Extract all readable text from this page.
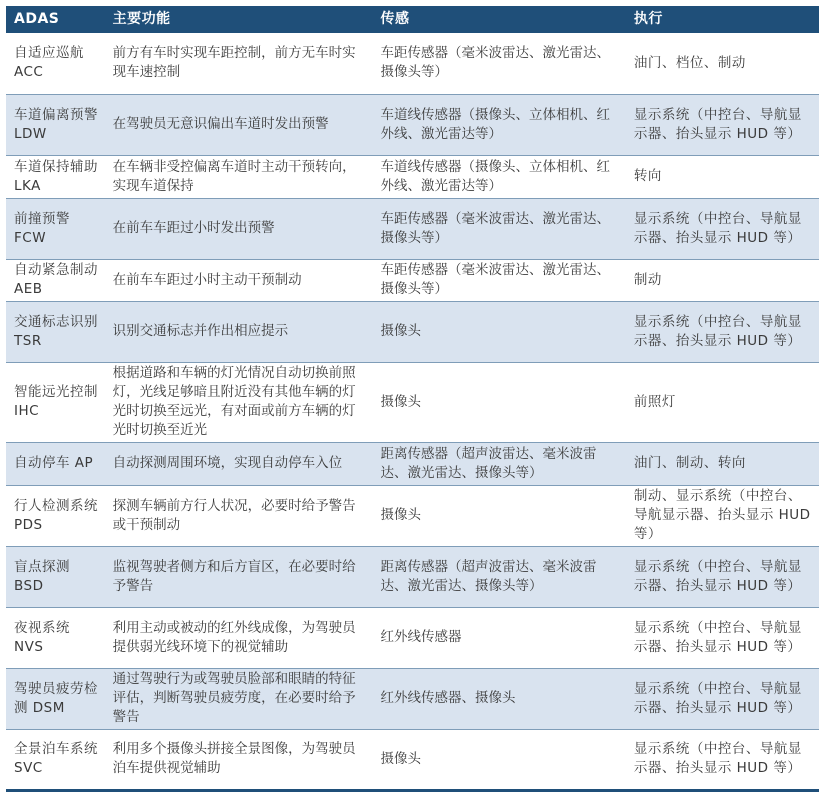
ADAS	主要功能	传感	执行
自适应巡航 ACC	前方有车时实现车距控制，前方无车时实现车速控制	车距传感器（毫米波雷达、激光雷达、摄像头等）	油门、档位、制动
车道偏离预警 LDW	在驾驶员无意识偏出车道时发出预警	车道线传感器（摄像头、立体相机、红外线、激光雷达等）	显示系统（中控台、导航显示器、抬头显示 HUD 等）
车道保持辅助 LKA	在车辆非受控偏离车道时主动干预转向，实现车道保持	车道线传感器（摄像头、立体相机、红外线、激光雷达等）	转向
前撞预警 FCW	在前车车距过小时发出预警	车距传感器（毫米波雷达、激光雷达、摄像头等）	显示系统（中控台、导航显示器、抬头显示 HUD 等）
自动紧急制动 AEB	在前车车距过小时主动干预制动	车距传感器（毫米波雷达、激光雷达、摄像头等）	制动
交通标志识别 TSR	识别交通标志并作出相应提示	摄像头	显示系统（中控台、导航显示器、抬头显示 HUD 等）
智能远光控制 IHC	根据道路和车辆的灯光情况自动切换前照灯，光线足够暗且附近没有其他车辆的灯光时切换至远光，有对面或前方车辆的灯光时切换至近光	摄像头	前照灯
自动停车 AP	自动探测周围环境，实现自动停车入位	距离传感器（超声波雷达、毫米波雷达、激光雷达、摄像头等）	油门、制动、转向
行人检测系统 PDS	探测车辆前方行人状况，必要时给予警告或干预制动	摄像头	制动、显示系统（中控台、导航显示器、抬头显示 HUD 等）
盲点探测 BSD	监视驾驶者侧方和后方盲区，在必要时给予警告	距离传感器（超声波雷达、毫米波雷达、激光雷达、摄像头等）	显示系统（中控台、导航显示器、抬头显示 HUD 等）
夜视系统 NVS	利用主动或被动的红外线成像，为驾驶员提供弱光线环境下的视觉辅助	红外线传感器	显示系统（中控台、导航显示器、抬头显示 HUD 等）
驾驶员疲劳检测 DSM	通过驾驶行为或驾驶员脸部和眼睛的特征评估，判断驾驶员疲劳度，在必要时给予警告	红外线传感器、摄像头	显示系统（中控台、导航显示器、抬头显示 HUD 等）
全景泊车系统 SVC	利用多个摄像头拼接全景图像，为驾驶员泊车提供视觉辅助	摄像头	显示系统（中控台、导航显示器、抬头显示 HUD 等）
